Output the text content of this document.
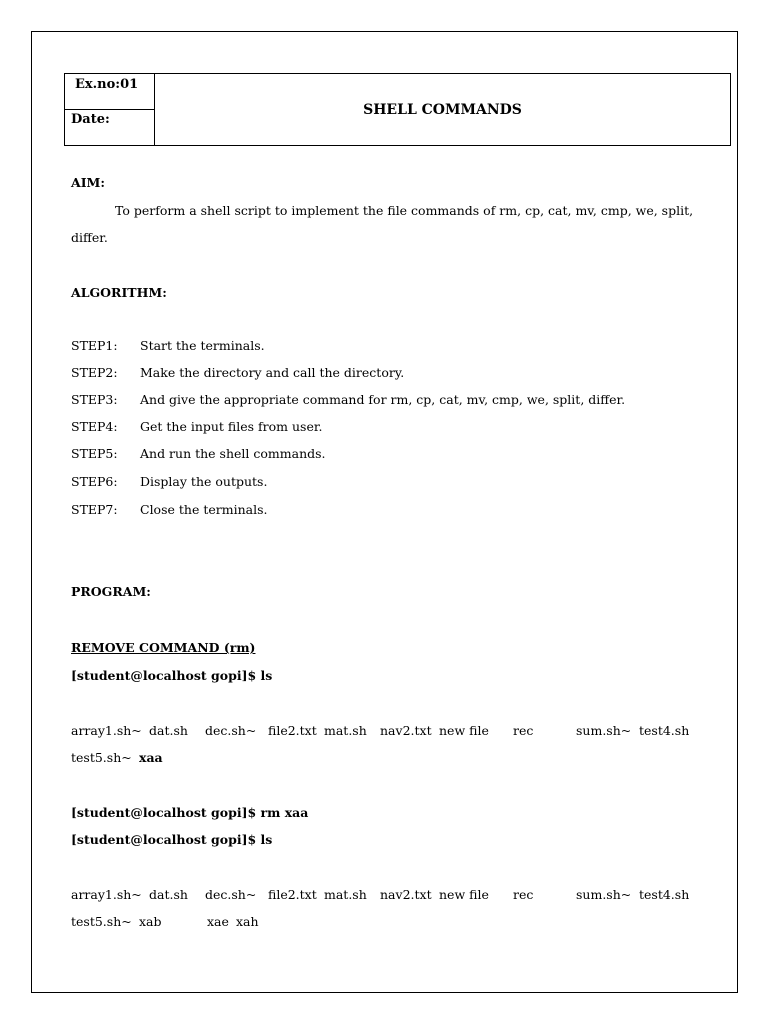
Ex.no:01
Date:
SHELL COMMANDS
AIM:
To perform a shell script to implement the file commands of rm, cp, cat, mv, cmp, we, split,
differ.
ALGORITHM:
STEP1: Start the terminals.
STEP2: Make the directory and call the directory.
STEP3: And give the appropriate command for rm, cp, cat, mv, cmp, we, split, differ.
STEP4: Get the input files from user.
STEP5: And run the shell commands.
STEP6: Display the outputs.
STEP7: Close the terminals.
PROGRAM:
REMOVE COMMAND (rm)
[student@localhost gopi]$ ls
array1.sh~ dat.sh dec.sh~ file2.txt mat.sh nav2.txt new file rec	sum.sh~ test4.sh
test5.sh~ xaa
[student@localhost gopi]$ rm xaa
[student@localhost gopi]$ ls
array1.sh~ dat.sh dec.sh~ file2.txt mat.sh nav2.txt new file rec	sum.sh~ test4.sh
test5.sh~ xab	xae xah
